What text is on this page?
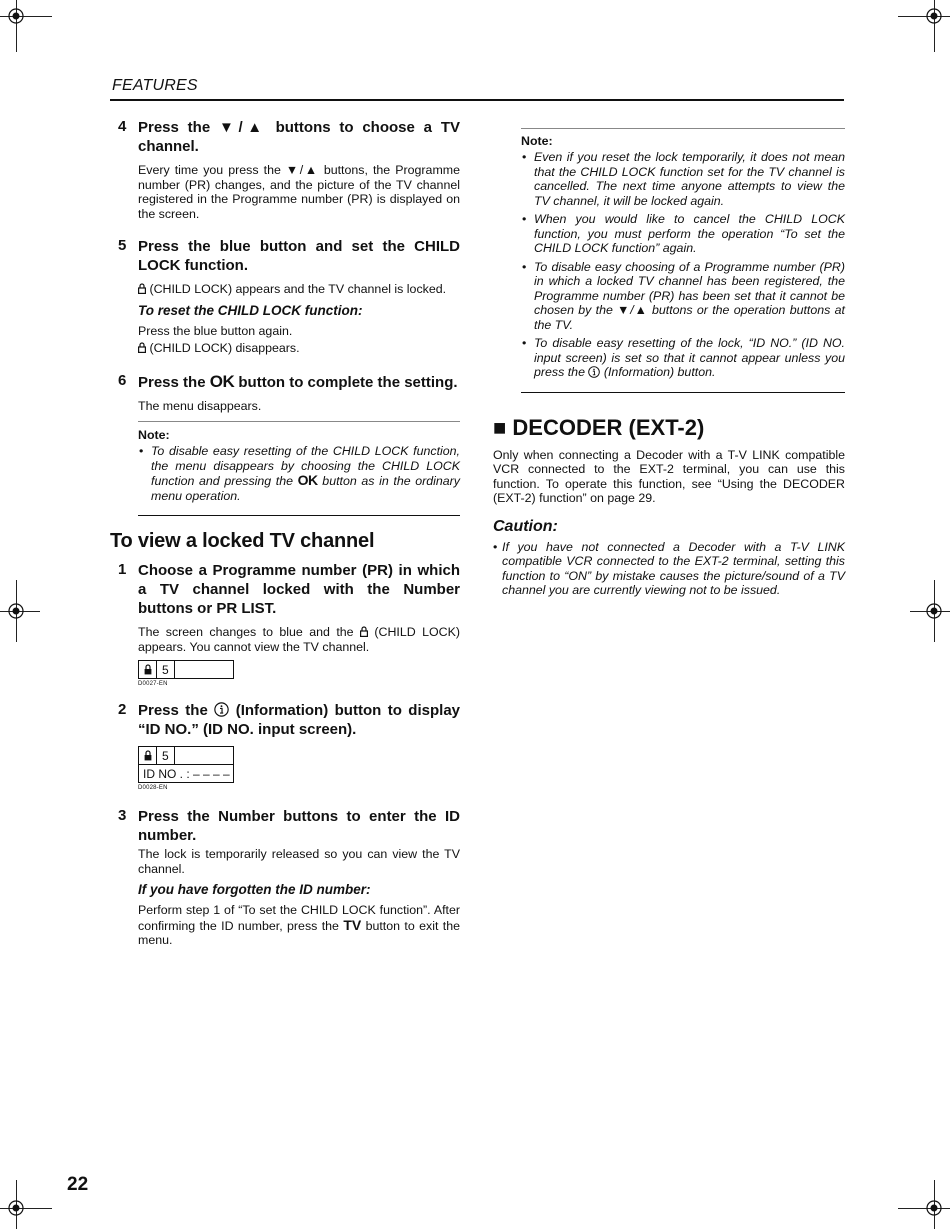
FEATURES
4 Press the ▼/▲ buttons to choose a TV channel.

Every time you press the ▼/▲ buttons, the Programme number (PR) changes, and the picture of the TV channel registered in the Programme number (PR) is displayed on the screen.

5 Press the blue button and set the CHILD LOCK function.

(CHILD LOCK) appears and the TV channel is locked.

To reset the CHILD LOCK function:

Press the blue button again.

(CHILD LOCK) disappears.

6 Press the OK button to complete the setting.

The menu disappears.

Note:
• To disable easy resetting of the CHILD LOCK function, the menu disappears by choosing the CHILD LOCK function and pressing the OK button as in the ordinary menu operation.
To view a locked TV channel
1 Choose a Programme number (PR) in which a TV channel locked with the Number buttons or PR LIST.

The screen changes to blue and the  (CHILD LOCK) appears. You cannot view the TV channel.

5
D0027-EN
2 Press the  (Information) button to display “ID NO.” (ID NO. input screen).
5
ID NO . : – – – –
D0028-EN
3 Press the Number buttons to enter the ID number.

The lock is temporarily released so you can view the TV channel.

If you have forgotten the ID number:

Perform step 1 of “To set the CHILD LOCK function”. After confirming the ID number, press the TV button to exit the menu.

Note:
• Even if you reset the lock temporarily, it does not mean that the CHILD LOCK function set for the TV channel is cancelled. The next time anyone attempts to view the TV channel, it will be locked again.
• When you would like to cancel the CHILD LOCK function, you must perform the operation “To set the CHILD LOCK function” again.
• To disable easy choosing of a Programme number (PR) in which a locked TV channel has been registered, the Programme number (PR) has been set that it cannot be chosen by the ▼/▲ buttons or the operation buttons at the TV.
• To disable easy resetting of the lock, “ID NO.” (ID NO. input screen) is set so that it cannot appear unless you press the  (Information) button.
■ DECODER (EXT-2)

Only when connecting a Decoder with a T-V LINK compatible VCR connected to the EXT-2 terminal, you can use this function. To operate this function, see “Using the DECODER (EXT-2) function” on page 29.

Caution:
• If you have not connected a Decoder with a T-V LINK compatible VCR connected to the EXT-2 terminal, setting this function to “ON” by mistake causes the picture/sound of a TV channel you are currently viewing not to be issued.
22
